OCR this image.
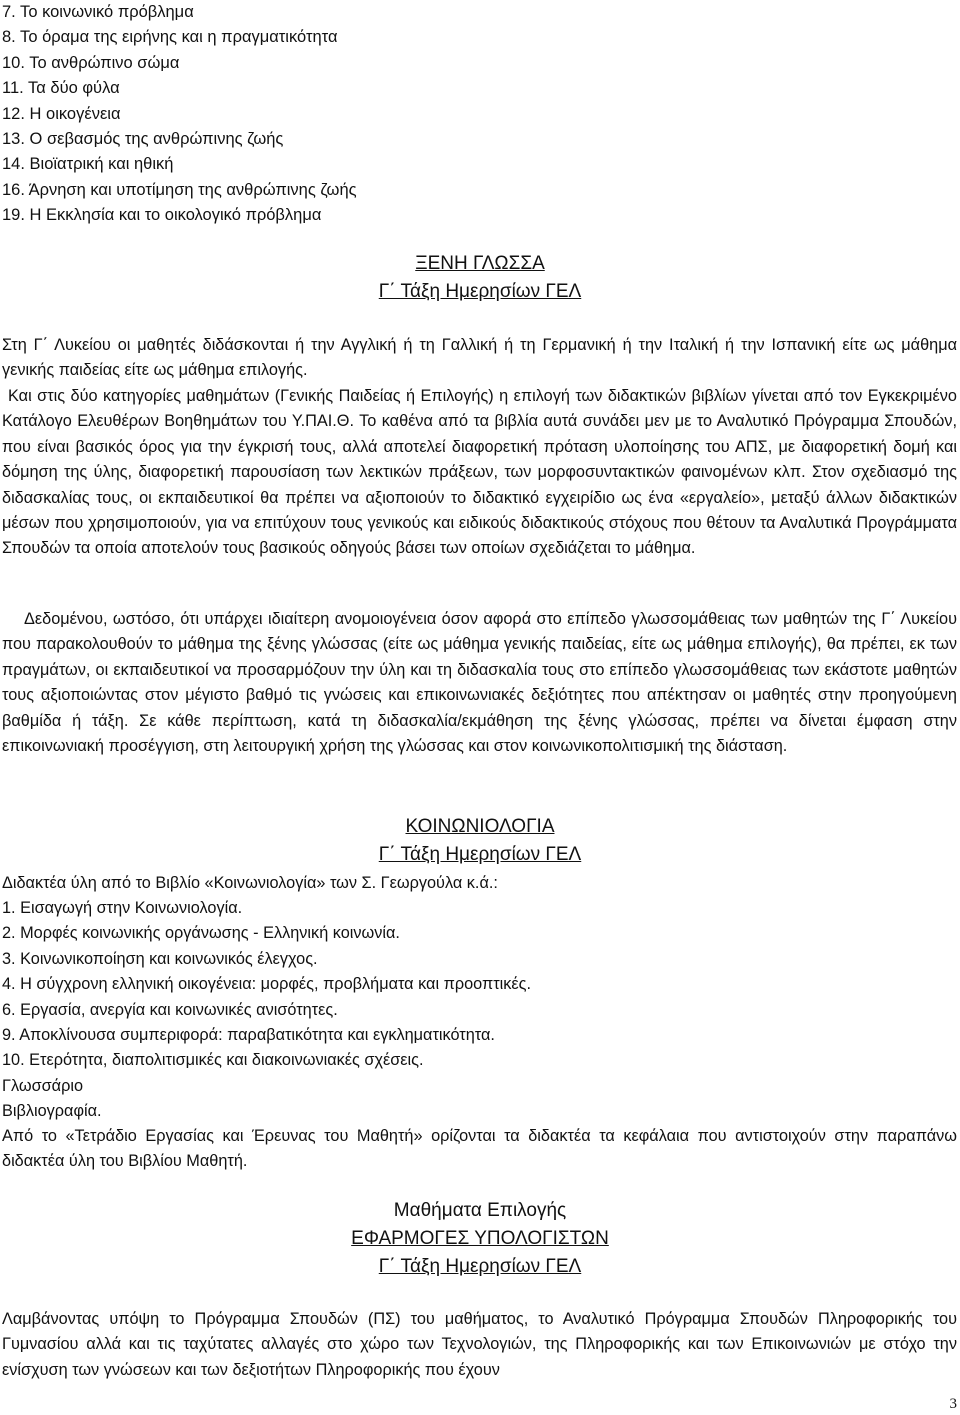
7. Το κοινωνικό πρόβλημα
8. Το όραμα της ειρήνης και η πραγματικότητα
10. Το ανθρώπινο σώμα
11. Τα δύο φύλα
12. Η οικογένεια
13. Ο σεβασμός της ανθρώπινης ζωής
14. Βιοϊατρική και ηθική
16. Άρνηση και υποτίμηση της ανθρώπινης ζωής
19. Η Εκκλησία και το οικολογικό πρόβλημα
ΞΕΝΗ ΓΛΩΣΣΑ
Γ΄ Τάξη Ημερησίων ΓΕΛ
Στη Γ΄ Λυκείου οι μαθητές διδάσκονται ή την Αγγλική ή τη Γαλλική ή τη Γερμανική ή την Ιταλική ή την Ισπανική είτε ως μάθημα γενικής παιδείας είτε ως μάθημα επιλογής.
Και στις δύο κατηγορίες μαθημάτων (Γενικής Παιδείας ή Επιλογής) η επιλογή των διδακτικών βιβλίων γίνεται από τον Εγκεκριμένο Κατάλογο Ελευθέρων Βοηθημάτων του Υ.ΠΑΙ.Θ. Το καθένα από τα βιβλία αυτά συνάδει μεν με το Αναλυτικό Πρόγραμμα Σπουδών, που είναι βασικός όρος για την έγκρισή τους, αλλά αποτελεί διαφορετική πρόταση υλοποίησης του ΑΠΣ, με διαφορετική δομή και δόμηση της ύλης, διαφορετική παρουσίαση των λεκτικών πράξεων, των μορφοσυντακτικών φαινομένων κλπ. Στον σχεδιασμό της διδασκαλίας τους, οι εκπαιδευτικοί θα πρέπει να αξιοποιούν το διδακτικό εγχειρίδιο ως ένα «εργαλείο», μεταξύ άλλων διδακτικών μέσων που χρησιμοποιούν, για να επιτύχουν τους γενικούς και ειδικούς διδακτικούς στόχους που θέτουν τα Αναλυτικά Προγράμματα Σπουδών τα οποία αποτελούν τους βασικούς οδηγούς βάσει των οποίων σχεδιάζεται το μάθημα.
Δεδομένου, ωστόσο, ότι υπάρχει ιδιαίτερη ανομοιογένεια όσον αφορά στο επίπεδο γλωσσομάθειας των μαθητών της Γ΄ Λυκείου που παρακολουθούν το μάθημα της ξένης γλώσσας (είτε ως μάθημα γενικής παιδείας, είτε ως μάθημα επιλογής), θα πρέπει, εκ των πραγμάτων, οι εκπαιδευτικοί να προσαρμόζουν την ύλη και τη διδασκαλία τους στο επίπεδο γλωσσομάθειας των εκάστοτε μαθητών τους αξιοποιώντας στον μέγιστο βαθμό τις γνώσεις και επικοινωνιακές δεξιότητες που απέκτησαν οι μαθητές στην προηγούμενη βαθμίδα ή τάξη. Σε κάθε περίπτωση, κατά τη διδασκαλία/εκμάθηση της ξένης γλώσσας, πρέπει να δίνεται έμφαση στην επικοινωνιακή προσέγγιση, στη λειτουργική χρήση της γλώσσας και στον κοινωνικοπολιτισμική της διάσταση.
ΚΟΙΝΩΝΙΟΛΟΓΙΑ
Γ΄ Τάξη Ημερησίων ΓΕΛ
Διδακτέα ύλη από το Βιβλίο «Κοινωνιολογία» των Σ. Γεωργούλα κ.ά.:
1. Εισαγωγή στην Κοινωνιολογία.
2. Μορφές κοινωνικής οργάνωσης - Ελληνική κοινωνία.
3. Κοινωνικοποίηση και κοινωνικός έλεγχος.
4. Η σύγχρονη ελληνική οικογένεια: μορφές, προβλήματα και προοπτικές.
6. Εργασία, ανεργία και κοινωνικές ανισότητες.
9. Αποκλίνουσα συμπεριφορά: παραβατικότητα και εγκληματικότητα.
10. Ετερότητα, διαπολιτισμικές και διακοινωνιακές σχέσεις.
Γλωσσάριο
Βιβλιογραφία.
Από το «Τετράδιο Εργασίας και Έρευνας του Μαθητή» ορίζονται τα διδακτέα τα κεφάλαια που αντιστοιχούν στην παραπάνω διδακτέα ύλη του Βιβλίου Μαθητή.
Μαθήματα Επιλογής
ΕΦΑΡΜΟΓΕΣ ΥΠΟΛΟΓΙΣΤΩΝ
Γ΄ Τάξη Ημερησίων ΓΕΛ
Λαμβάνοντας υπόψη το Πρόγραμμα Σπουδών (ΠΣ) του μαθήματος, το Αναλυτικό Πρόγραμμα Σπουδών Πληροφορικής του Γυμνασίου αλλά και τις ταχύτατες αλλαγές στο χώρο των Τεχνολογιών, της Πληροφορικής και των Επικοινωνιών με στόχο την ενίσχυση των γνώσεων και των δεξιοτήτων Πληροφορικής που έχουν
3
